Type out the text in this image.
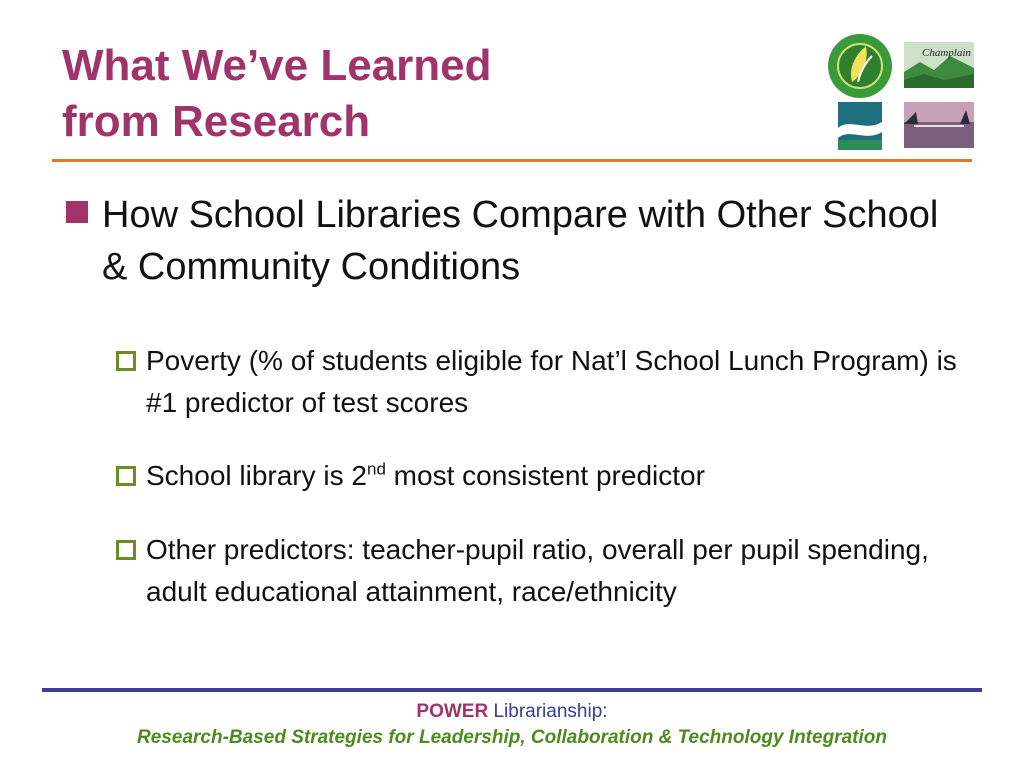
What We’ve Learned
from Research
Champlain
How School Libraries Compare with Other School & Community Conditions
Poverty (% of students eligible for Nat’l School Lunch Program) is #1 predictor of test scores
School library is 2nd most consistent predictor
Other predictors: teacher-pupil ratio, overall per pupil spending, adult educational attainment, race/ethnicity
POWER Librarianship:
Research-Based Strategies for Leadership, Collaboration & Technology Integration
